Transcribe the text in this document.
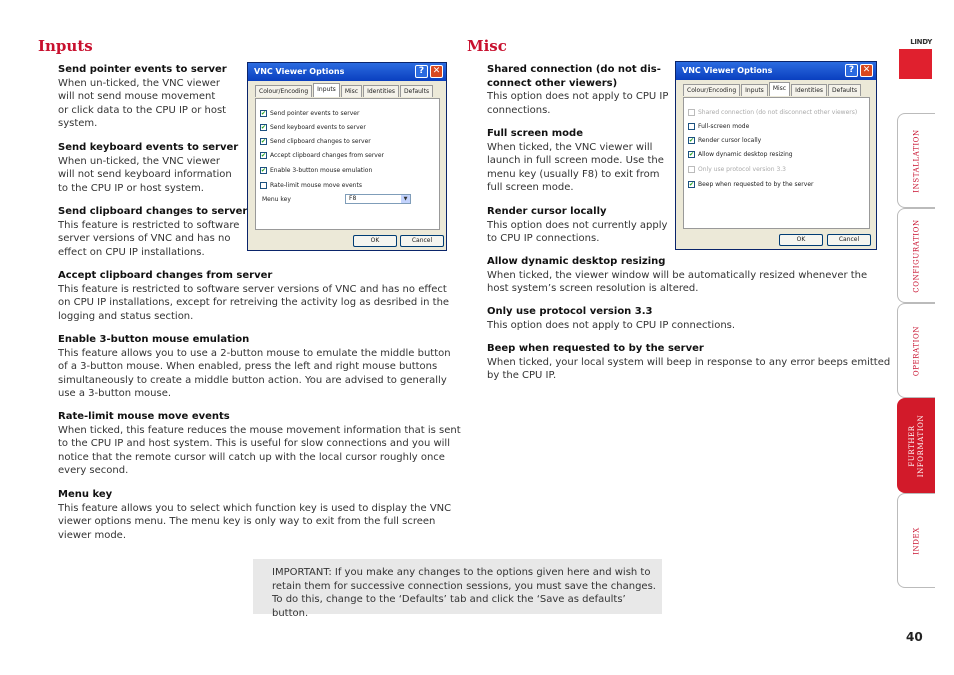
Inputs
Send pointer events to server
When un-ticked, the VNC viewer
will not send mouse movement
or click data to the CPU IP or host
system.
Send keyboard events to server
When un-ticked, the VNC viewer
will not send keyboard information
to the CPU IP or host system.
Send clipboard changes to server
This feature is restricted to software
server versions of VNC and has no
effect on CPU IP installations.
Accept clipboard changes from server
This feature is restricted to software server versions of VNC and has no effect
on CPU IP installations, except for retreiving the activity log as desribed in the
logging and status section.
Enable 3-button mouse emulation
This feature allows you to use a 2-button mouse to emulate the middle button
of a 3-button mouse. When enabled, press the left and right mouse buttons
simultaneously to create a middle button action. You are advised to generally
use a 3-button mouse.
Rate-limit mouse move events
When ticked, this feature reduces the mouse movement information that is sent
to the CPU IP and host system. This is useful for slow connections and you will
notice that the remote cursor will catch up with the local cursor roughly once
every second.
Menu key
This feature allows you to select which function key is used to display the VNC
viewer options menu. The menu key is only way to exit from the full screen
viewer mode.
Misc
Shared connection (do not dis-
connect other viewers)
This option does not apply to CPU IP
connections.
Full screen mode
When ticked, the VNC viewer will
launch in full screen mode. Use the
menu key (usually F8) to exit from
full screen mode.
Render cursor locally
This option does not currently apply
to CPU IP connections.
Allow dynamic desktop resizing
When ticked, the viewer window will be automatically resized whenever the
host system’s screen resolution is altered.
Only use protocol version 3.3
This option does not apply to CPU IP connections.
Beep when requested to by the server
When ticked, your local system will beep in response to any error beeps emitted
by the CPU IP.
VNC Viewer Options	? ✕
Colour/Encoding	Inputs	Misc	Identities	Defaults
Menu key	F8	▼
OK	Cancel
✔ Send pointer events to server
✔ Send keyboard events to server
✔ Send clipboard changes to server
✔ Accept clipboard changes from server
✔ Enable 3-button mouse emulation
Rate-limit mouse move events
VNC Viewer Options	? ✕
Colour/Encoding	Inputs	Misc	Identities	Defaults
OK	Cancel
Shared connection (do not disconnect other viewers)
Full-screen mode
✔ Render cursor locally
✔ Allow dynamic desktop resizing
Only use protocol version 3.3
✔ Beep when requested to by the server
IMPORTANT: If you make any changes to the options given here and wish to
retain them for successive connection sessions, you must save the changes.
To do this, change to the ‘Defaults’ tab and click the ‘Save as defaults’ button.
LINDY
INSTALLATION
CONFIGURATION
OPERATION
FURTHER INFORMATION
INDEX
40
